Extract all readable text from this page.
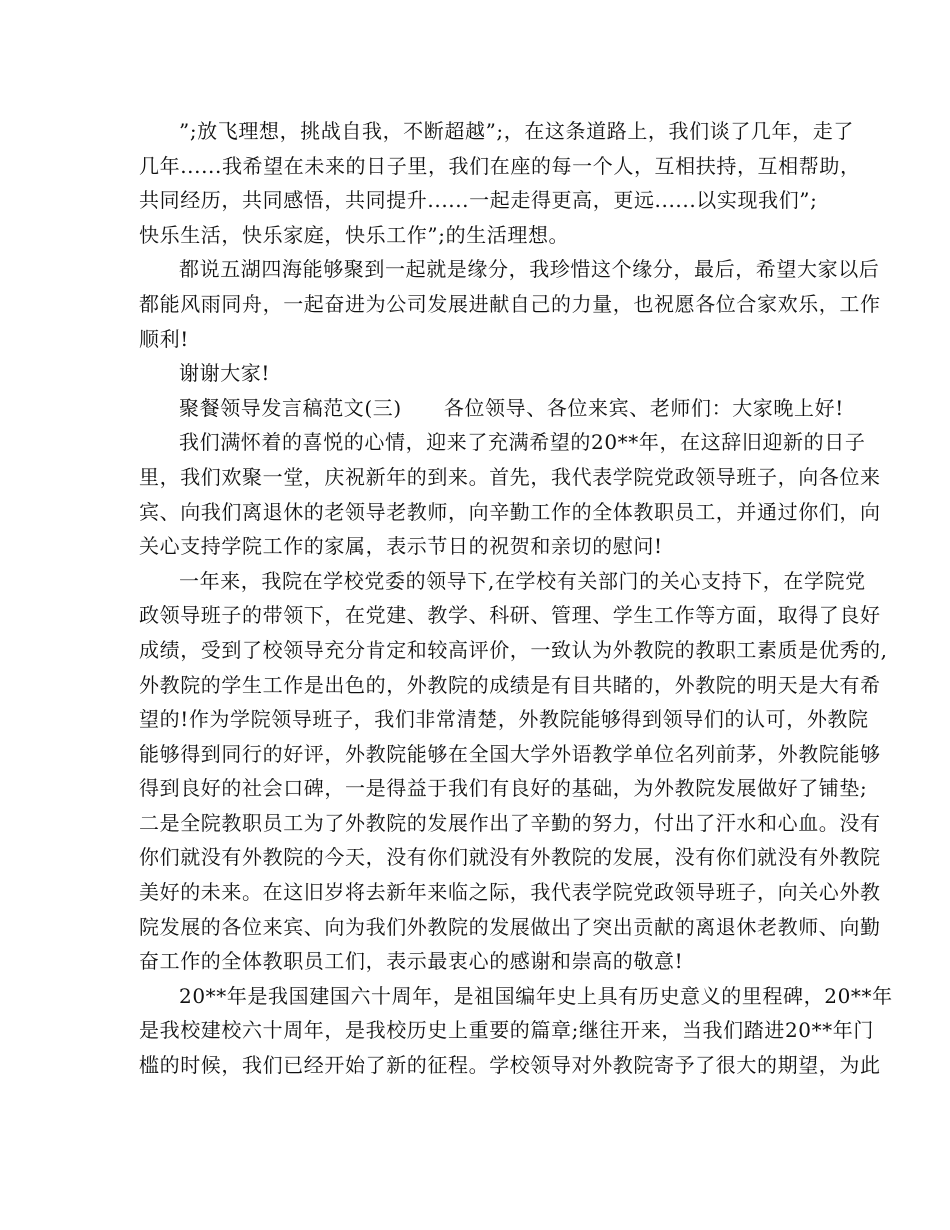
”;放飞理想，挑战自我，不断超越”;，在这条道路上，我们谈了几年，走了
几年......我希望在未来的日子里，我们在座的每一个人，互相扶持，互相帮助，
共同经历，共同感悟，共同提升......一起走得更高，更远......以实现我们”;
快乐生活，快乐家庭，快乐工作”;的生活理想。
都说五湖四海能够聚到一起就是缘分，我珍惜这个缘分，最后，希望大家以后
都能风雨同舟，一起奋进为公司发展进献自己的力量，也祝愿各位合家欢乐，工作
顺利!
谢谢大家!
聚餐领导发言稿范文(三) 各位领导、各位来宾、老师们：大家晚上好!
我们满怀着的喜悦的心情，迎来了充满希望的20**年，在这辞旧迎新的日子
里，我们欢聚一堂，庆祝新年的到来。首先，我代表学院党政领导班子，向各位来
宾、向我们离退休的老领导老教师，向辛勤工作的全体教职员工，并通过你们，向
关心支持学院工作的家属，表示节日的祝贺和亲切的慰问!
一年来，我院在学校党委的领导下,在学校有关部门的关心支持下，在学院党
政领导班子的带领下，在党建、教学、科研、管理、学生工作等方面，取得了良好
成绩，受到了校领导充分肯定和较高评价，一致认为外教院的教职工素质是优秀的,
外教院的学生工作是出色的，外教院的成绩是有目共睹的，外教院的明天是大有希
望的!作为学院领导班子，我们非常清楚，外教院能够得到领导们的认可，外教院
能够得到同行的好评，外教院能够在全国大学外语教学单位名列前茅，外教院能够
得到良好的社会口碑，一是得益于我们有良好的基础，为外教院发展做好了铺垫;
二是全院教职员工为了外教院的发展作出了辛勤的努力，付出了汗水和心血。没有
你们就没有外教院的今天，没有你们就没有外教院的发展，没有你们就没有外教院
美好的未来。在这旧岁将去新年来临之际，我代表学院党政领导班子，向关心外教
院发展的各位来宾、向为我们外教院的发展做出了突出贡献的离退休老教师、向勤
奋工作的全体教职员工们，表示最衷心的感谢和崇高的敬意!
20**年是我国建国六十周年，是祖国编年史上具有历史意义的里程碑，20**年
是我校建校六十周年，是我校历史上重要的篇章;继往开来，当我们踏进20**年门
槛的时候，我们已经开始了新的征程。学校领导对外教院寄予了很大的期望，为此
